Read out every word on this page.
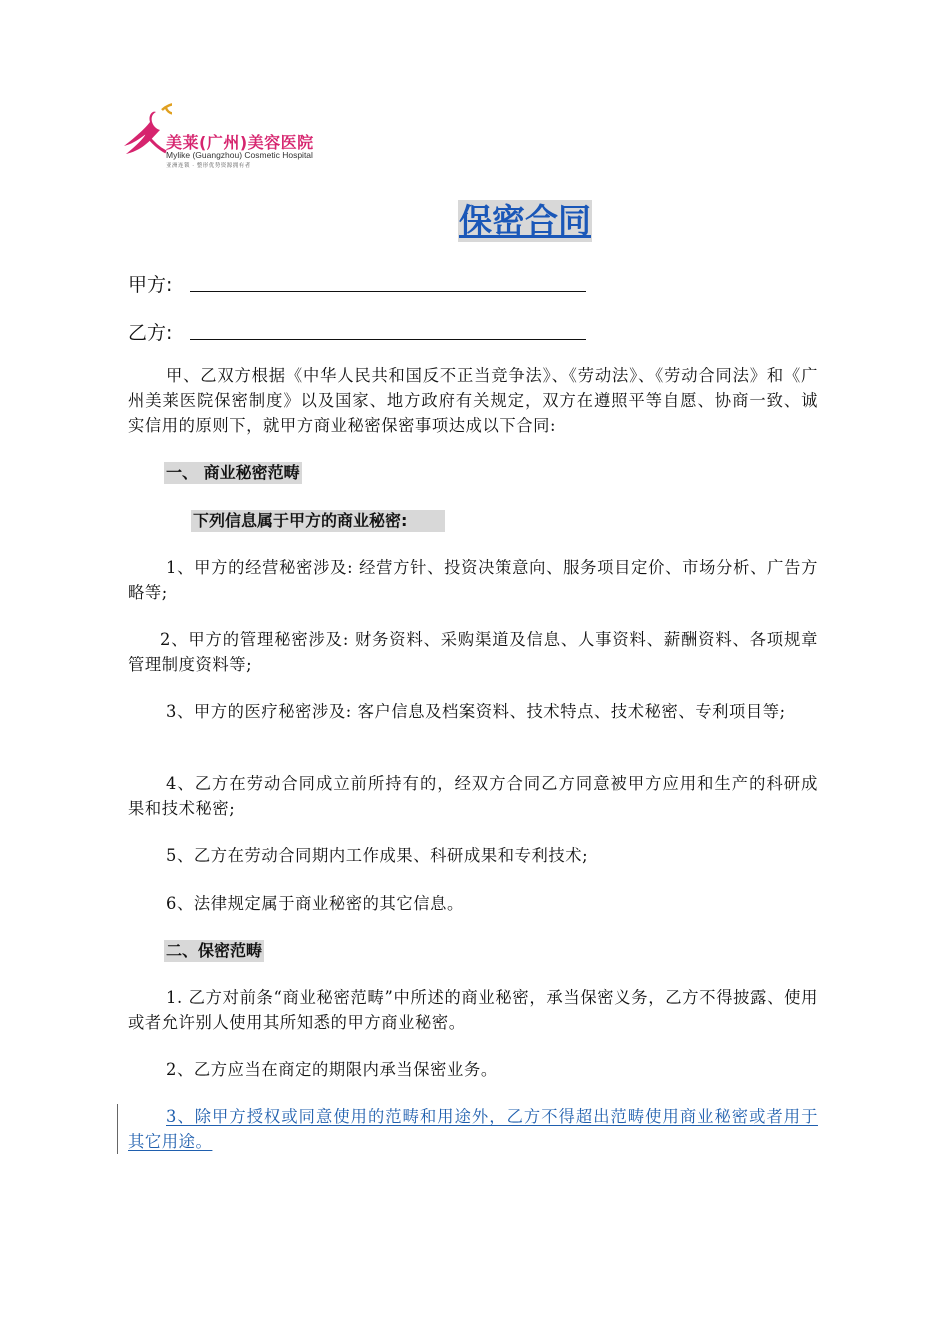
美莱(广州)美容医院
Mylike (Guangzhou) Cosmetic Hospital
亚洲连锁 · 整形优势资源拥有者
保密合同
甲方:
乙方:
甲、乙双方根据《中华人民共和国反不正当竞争法》、《劳动法》、《劳动合同法》和《广州美莱医院保密制度》以及国家、地方政府有关规定，双方在遵照平等自愿、协商一致、诚实信用的原则下，就甲方商业秘密保密事项达成以下合同:
一、 商业秘密范畴
下列信息属于甲方的商业秘密:
1、甲方的经营秘密涉及: 经营方针、投资决策意向、服务项目定价、市场分析、广告方略等;
2、甲方的管理秘密涉及: 财务资料、采购渠道及信息、人事资料、薪酬资料、各项规章管理制度资料等;
3、甲方的医疗秘密涉及: 客户信息及档案资料、技术特点、技术秘密、专利项目等;
4、乙方在劳动合同成立前所持有的，经双方合同乙方同意被甲方应用和生产的科研成果和技术秘密;
5、乙方在劳动合同期内工作成果、科研成果和专利技术;
6、法律规定属于商业秘密的其它信息。
二、保密范畴
1. 乙方对前条“商业秘密范畴”中所述的商业秘密，承当保密义务，乙方不得披露、使用或者允许别人使用其所知悉的甲方商业秘密。
2、乙方应当在商定的期限内承当保密业务。
3、除甲方授权或同意使用的范畴和用途外，乙方不得超出范畴使用商业秘密或者用于其它用途。
